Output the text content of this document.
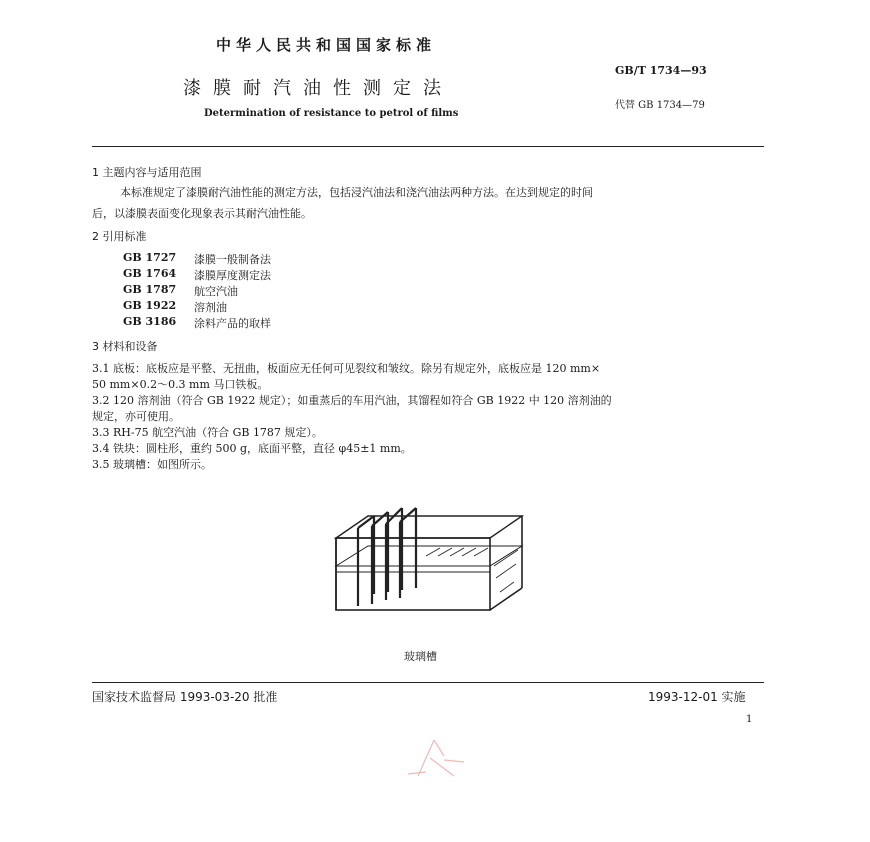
中华人民共和国国家标准
漆膜耐汽油性测定法
Determination of resistance to petrol of films
GB/T 1734—93
代替 GB 1734—79
1 主题内容与适用范围
本标准规定了漆膜耐汽油性能的测定方法，包括浸汽油法和浇汽油法两种方法。在达到规定的时间
后，以漆膜表面变化现象表示其耐汽油性能。
2 引用标准
GB 1727 漆膜一般制备法
GB 1764 漆膜厚度测定法
GB 1787 航空汽油
GB 1922 溶剂油
GB 3186 涂料产品的取样
3 材料和设备
3.1 底板：底板应是平整、无扭曲，板面应无任何可见裂纹和皱纹。除另有规定外，底板应是 120 mm×
50 mm×0.2～0.3 mm 马口铁板。
3.2 120 溶剂油（符合 GB 1922 规定）；如重蒸后的车用汽油，其馏程如符合 GB 1922 中 120 溶剂油的
规定，亦可使用。
3.3 RH-75 航空汽油（符合 GB 1787 规定）。
3.4 铁块：圆柱形，重约 500 g，底面平整，直径 φ45±1 mm。
3.5 玻璃槽：如图所示。
玻璃槽
国家技术监督局 1993-03-20 批准	1993-12-01 实施
1
